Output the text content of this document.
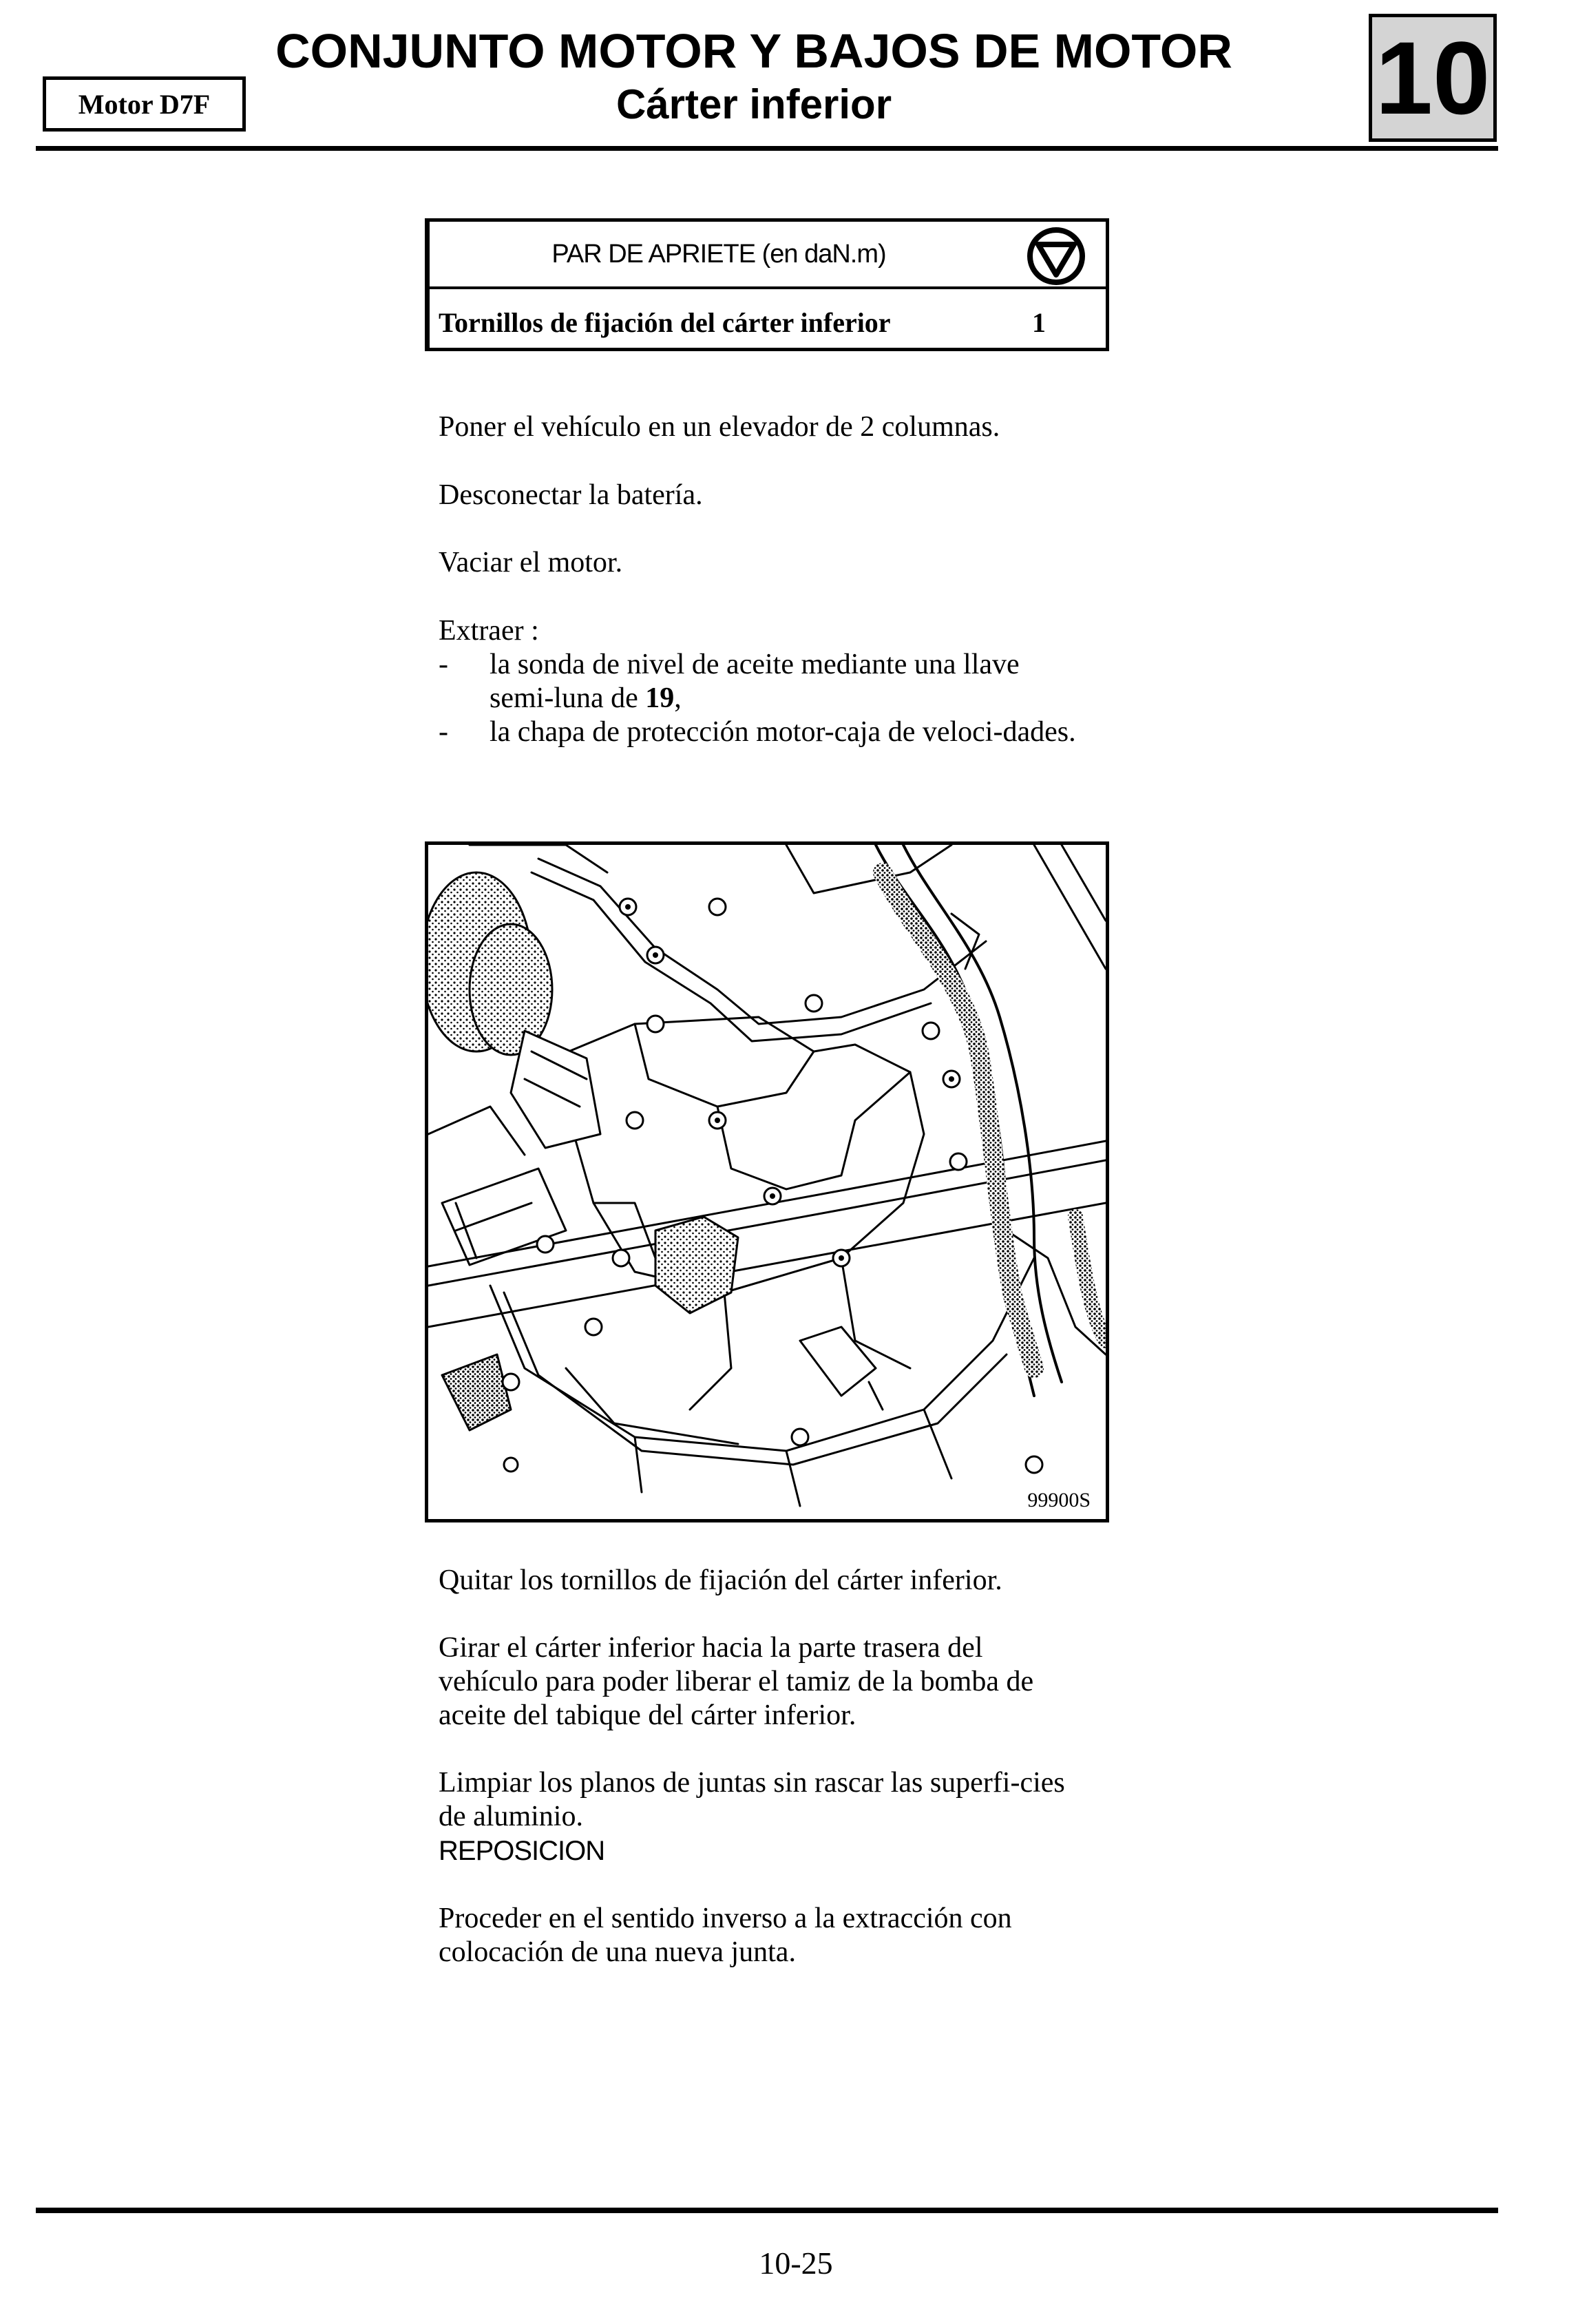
Motor D7F
CONJUNTO MOTOR Y BAJOS DE MOTOR
Cárter inferior	10
PAR DE APRIETE (en daN.m)
Tornillos de fijación del cárter inferior	1
Poner el vehículo en un elevador de 2 columnas.
Desconectar la batería.
Vaciar el motor.
Extraer :
- la sonda de nivel de aceite mediante una llave semi-luna de 19,
- la chapa de protección motor-caja de veloci-dades.
99900S
Quitar los tornillos de fijación del cárter inferior.
Girar el cárter inferior hacia la parte trasera del vehículo para poder liberar el tamiz de la bomba de aceite del tabique del cárter inferior.
Limpiar los planos de juntas sin rascar las superfi-cies de aluminio.
REPOSICION
Proceder en el sentido inverso a la extracción con colocación de una nueva junta.
10-25
